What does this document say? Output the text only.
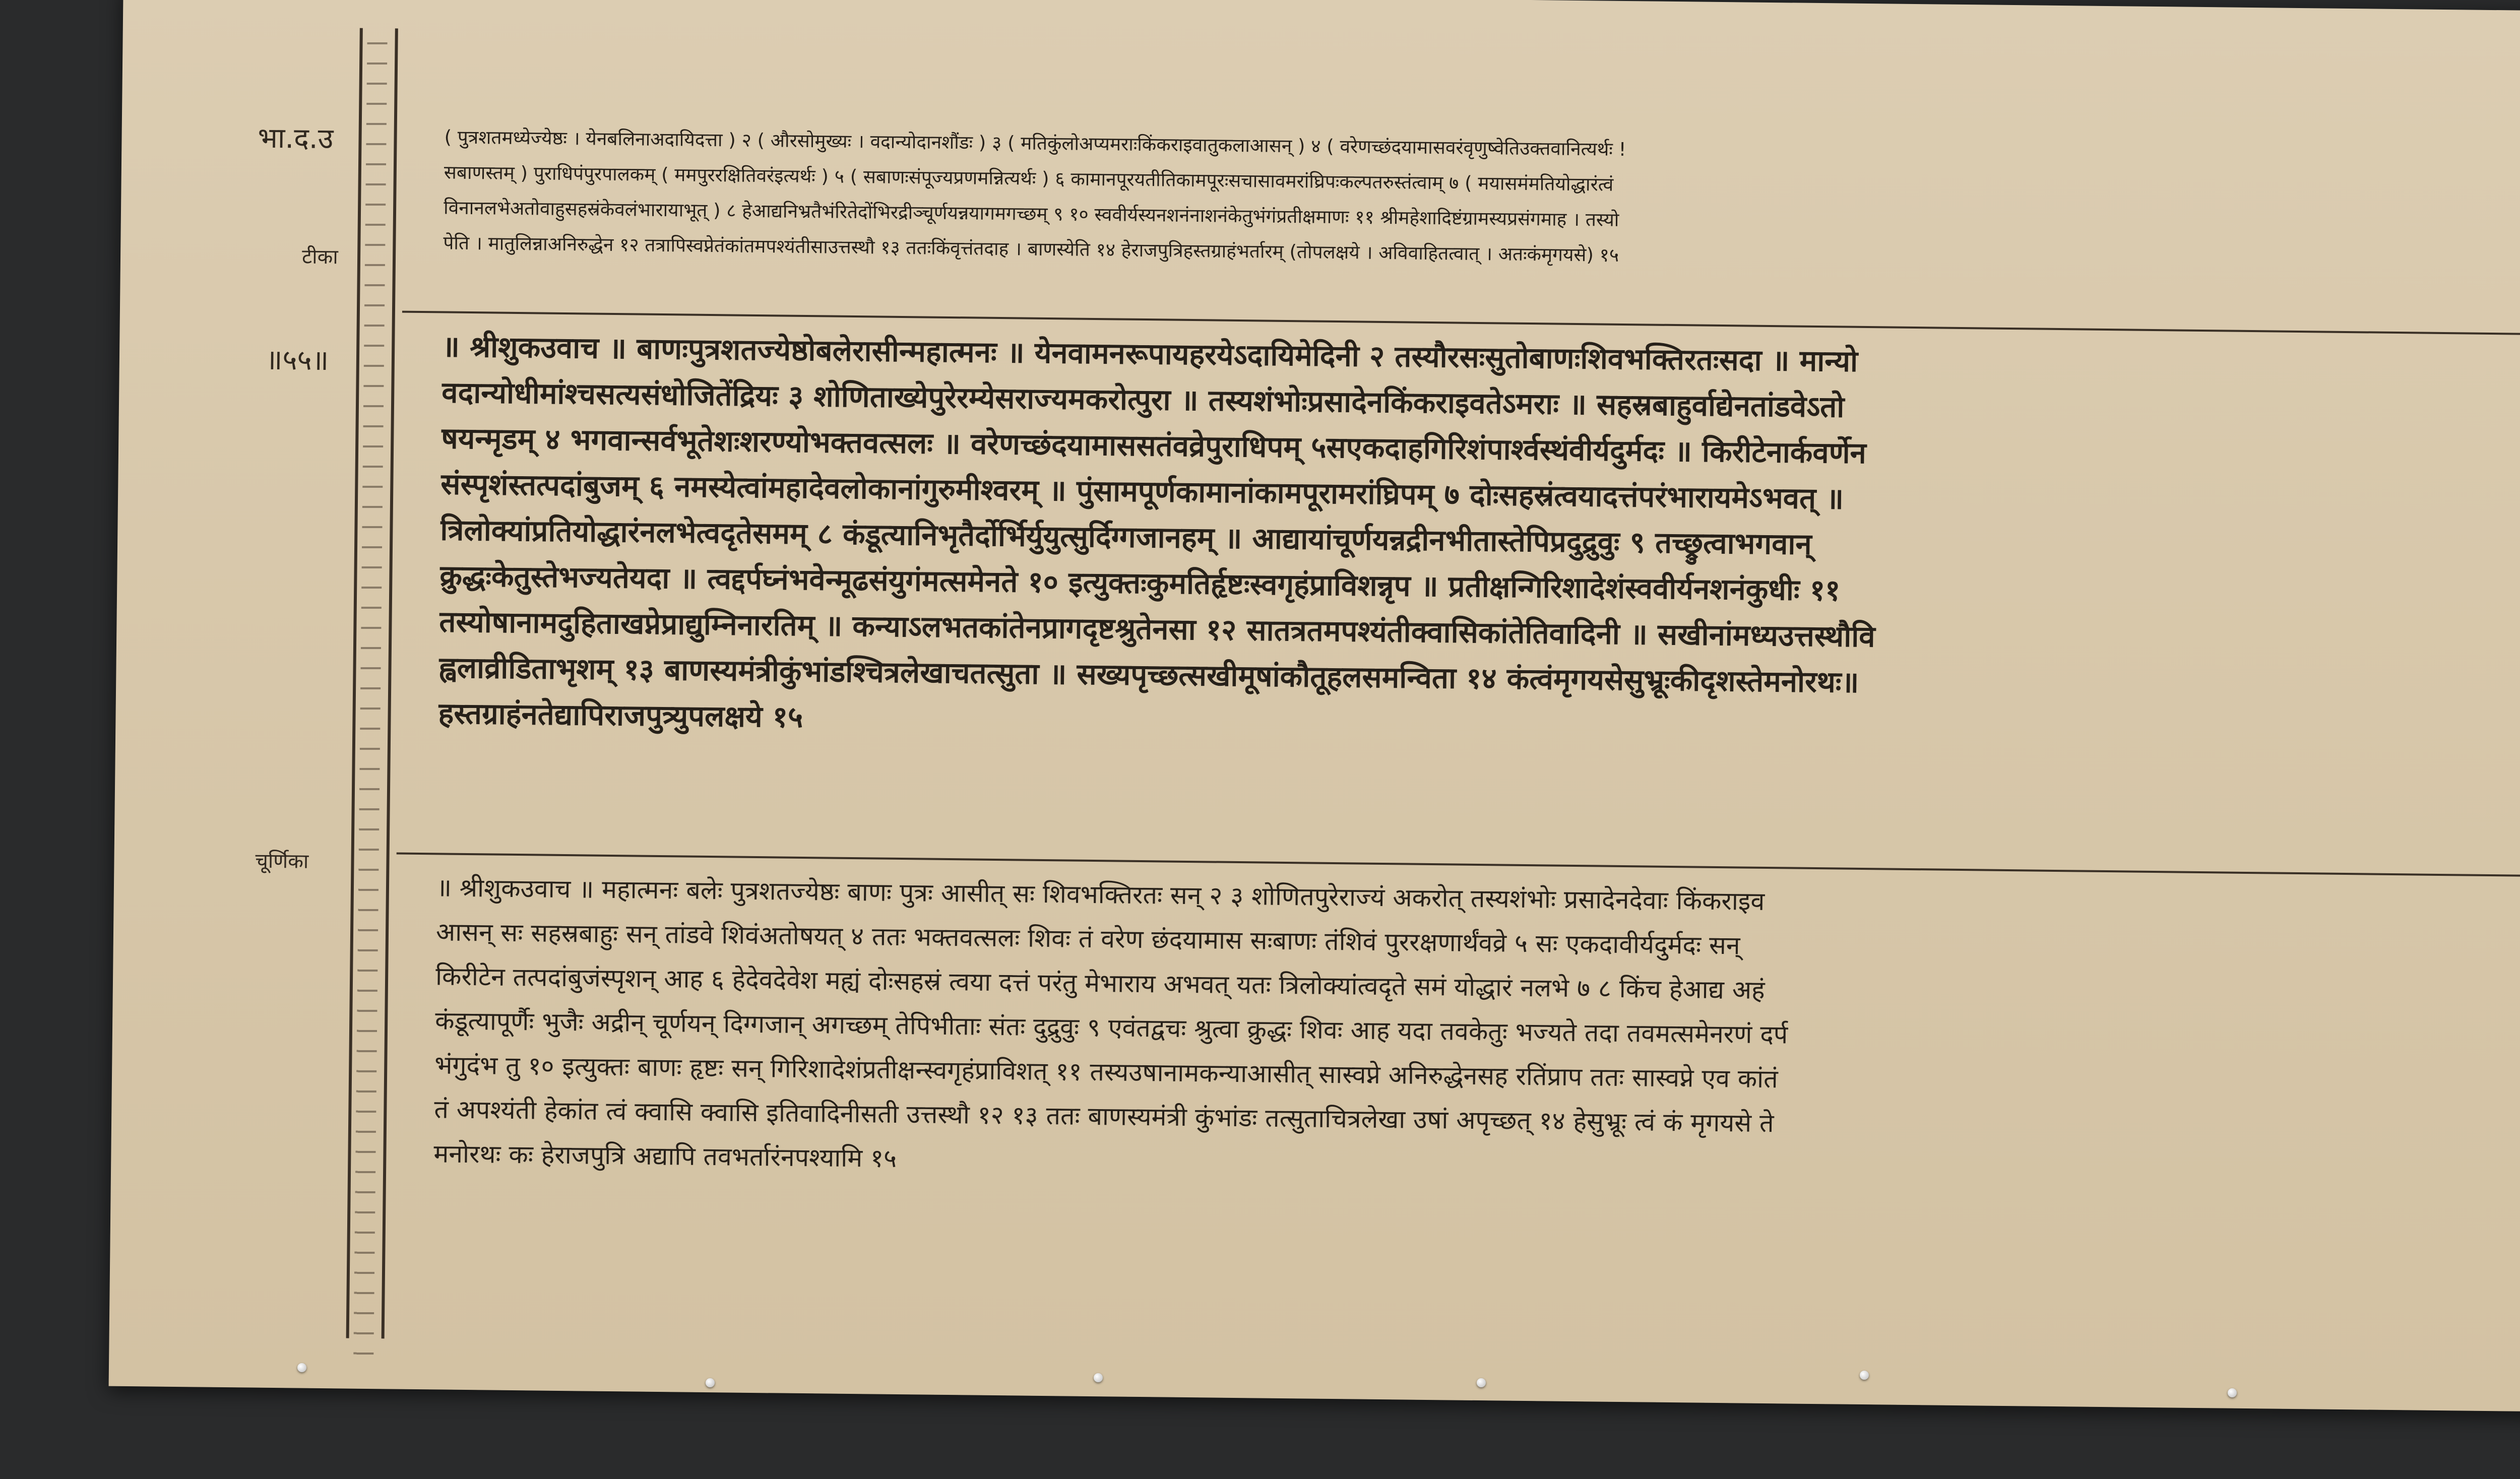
भा.द.उ
टीका
॥५५॥
चूर्णिका
( पुत्रशतमध्येज्येष्ठः । येनबलिनाअदायिदत्ता ) २ ( औरसोमुख्यः । वदान्योदानशौंडः ) ३ ( मतिकुंलोअप्यमराःकिंकराइवातुकलाआसन् ) ४ ( वरेणच्छंदयामासवरंवृणुष्वेतिउक्तवानित्यर्थः !
सबाणस्तम् ) पुराधिपंपुरपालकम् ( ममपुररक्षितिवरंइत्यर्थः ) ५ ( सबाणःसंपूज्यप्रणमन्नित्यर्थः ) ६ कामानपूरयतीतिकामपूरःसचासावमरांघ्रिपःकल्पतरुस्तंत्वाम् ७ ( मयासमंमतियोद्धारंत्वं
विनानलभेअतोवाहुसहस्रंकेवलंभारायाभूत् ) ८ हेआद्यनिभ्रतैभंरितेदोंभिरद्रीञ्चूर्णयन्नयागमगच्छम् ९ १० स्ववीर्यस्यनशनंनाशनंकेतुभंगंप्रतीक्षमाणः ११ श्रीमहेशादिष्टंग्रामस्यप्रसंगमाह । तस्यो
पेति । मातुलिन्नाअनिरुद्धेन १२ तत्रापिस्वप्नेतंकांतमपश्यंतीसाउत्तस्थौ १३ ततःकिंवृत्तंतदाह । बाणस्येति १४ हेराजपुत्रिहस्तग्राहंभर्तारम् (तोपलक्षये । अविवाहितत्वात् । अतःकंमृगयसे) १५
॥ श्रीशुकउवाच ॥ बाणःपुत्रशतज्येष्ठोबलेरासीन्महात्मनः ॥ येनवामनरूपायहरयेऽदायिमेदिनी २ तस्यौरसःसुतोबाणःशिवभक्तिरतःसदा ॥ मान्यो
वदान्योधीमांश्चसत्यसंधोजितेंद्रियः ३ शोणिताख्येपुरेरम्येसराज्यमकरोत्पुरा ॥ तस्यशंभोःप्रसादेनकिंकराइवतेऽमराः ॥ सहस्रबाहुर्वाद्येनतांडवेऽतो
षयन्मृडम् ४ भगवान्सर्वभूतेशःशरण्योभक्तवत्सलः ॥ वरेणच्छंदयामाससतंवव्रेपुराधिपम् ५सएकदाहगिरिशंपार्श्वस्थंवीर्यदुर्मदः ॥ किरीटेनार्कवर्णेन
संस्पृशंस्तत्पदांबुजम् ६ नमस्येत्वांमहादेवलोकानांगुरुमीश्वरम् ॥ पुंसामपूर्णकामानांकामपूरामरांघ्रिपम् ७ दोःसहस्रंत्वयादत्तंपरंभारायमेऽभवत् ॥
त्रिलोक्यांप्रतियोद्धारंनलभेत्वदृतेसमम् ८ कंडूत्यानिभृतैर्दोर्भिर्युयुत्सुर्दिग्गजानहम् ॥ आद्यायांचूर्णयन्नद्रीनभीतास्तेपिप्रदुद्रुवुः ९ तच्छ्रुत्वाभगवान्
क्रुद्धःकेतुस्तेभज्यतेयदा ॥ त्वद्दर्पघ्नंभवेन्मूढसंयुगंमत्समेनते १० इत्युक्तःकुमतिर्हृष्टःस्वगृहंप्राविशन्नृप ॥ प्रतीक्षन्गिरिशादेशंस्ववीर्यनशनंकुधीः ११
तस्योषानामदुहिताखप्नेप्राद्युम्निनारतिम् ॥ कन्याऽलभतकांतेनप्रागदृष्टश्रुतेनसा १२ सातत्रतमपश्यंतीक्वासिकांतेतिवादिनी ॥ सखीनांमध्यउत्तस्थौवि
ह्वलाव्रीडिताभृशम् १३ बाणस्यमंत्रीकुंभांडश्चित्रलेखाचतत्सुता ॥ सख्यपृच्छत्सखीमूषांकौतूहलसमन्विता १४ कंत्वंमृगयसेसुभ्रूःकीदृशस्तेमनोरथः॥
हस्तग्राहंनतेद्यापिराजपुत्र्युपलक्षये १५
॥ श्रीशुकउवाच ॥ महात्मनः बलेः पुत्रशतज्येष्ठः बाणः पुत्रः आसीत् सः शिवभक्तिरतः सन् २ ३ शोणितपुरेराज्यं अकरोत् तस्यशंभोः प्रसादेनदेवाः किंकराइव
आसन् सः सहस्रबाहुः सन् तांडवे शिवंअतोषयत् ४ ततः भक्तवत्सलः शिवः तं वरेण छंदयामास सःबाणः तंशिवं पुररक्षणार्थंवव्रे ५ सः एकदावीर्यदुर्मदः सन्
किरीटेन तत्पदांबुजंस्पृशन् आह ६ हेदेवदेवेश मह्यं दोःसहस्रं त्वया दत्तं परंतु मेभाराय अभवत् यतः त्रिलोक्यांत्वदृते समं योद्धारं नलभे ७ ८ किंच हेआद्य अहं
कंडूत्यापूर्णैः भुजैः अद्रीन् चूर्णयन् दिग्गजान् अगच्छम् तेपिभीताः संतः दुद्रुवुः ९ एवंतद्वचः श्रुत्वा क्रुद्धः शिवः आह यदा तवकेतुः भज्यते तदा तवमत्समेनरणं दर्प
भंगुदंभ तु १० इत्युक्तः बाणः हृष्टः सन् गिरिशादेशंप्रतीक्षन्स्वगृहंप्राविशत् ११ तस्यउषानामकन्याआसीत् सास्वप्ने अनिरुद्धेनसह रतिंप्राप ततः सास्वप्ने एव कांतं
तं अपश्यंती हेकांत त्वं क्वासि क्वासि इतिवादिनीसती उत्तस्थौ १२ १३ ततः बाणस्यमंत्री कुंभांडः तत्सुताचित्रलेखा उषां अपृच्छत् १४ हेसुभ्रूः त्वं कं मृगयसे ते
मनोरथः कः हेराजपुत्रि अद्यापि तवभर्तारंनपश्यामि १५
